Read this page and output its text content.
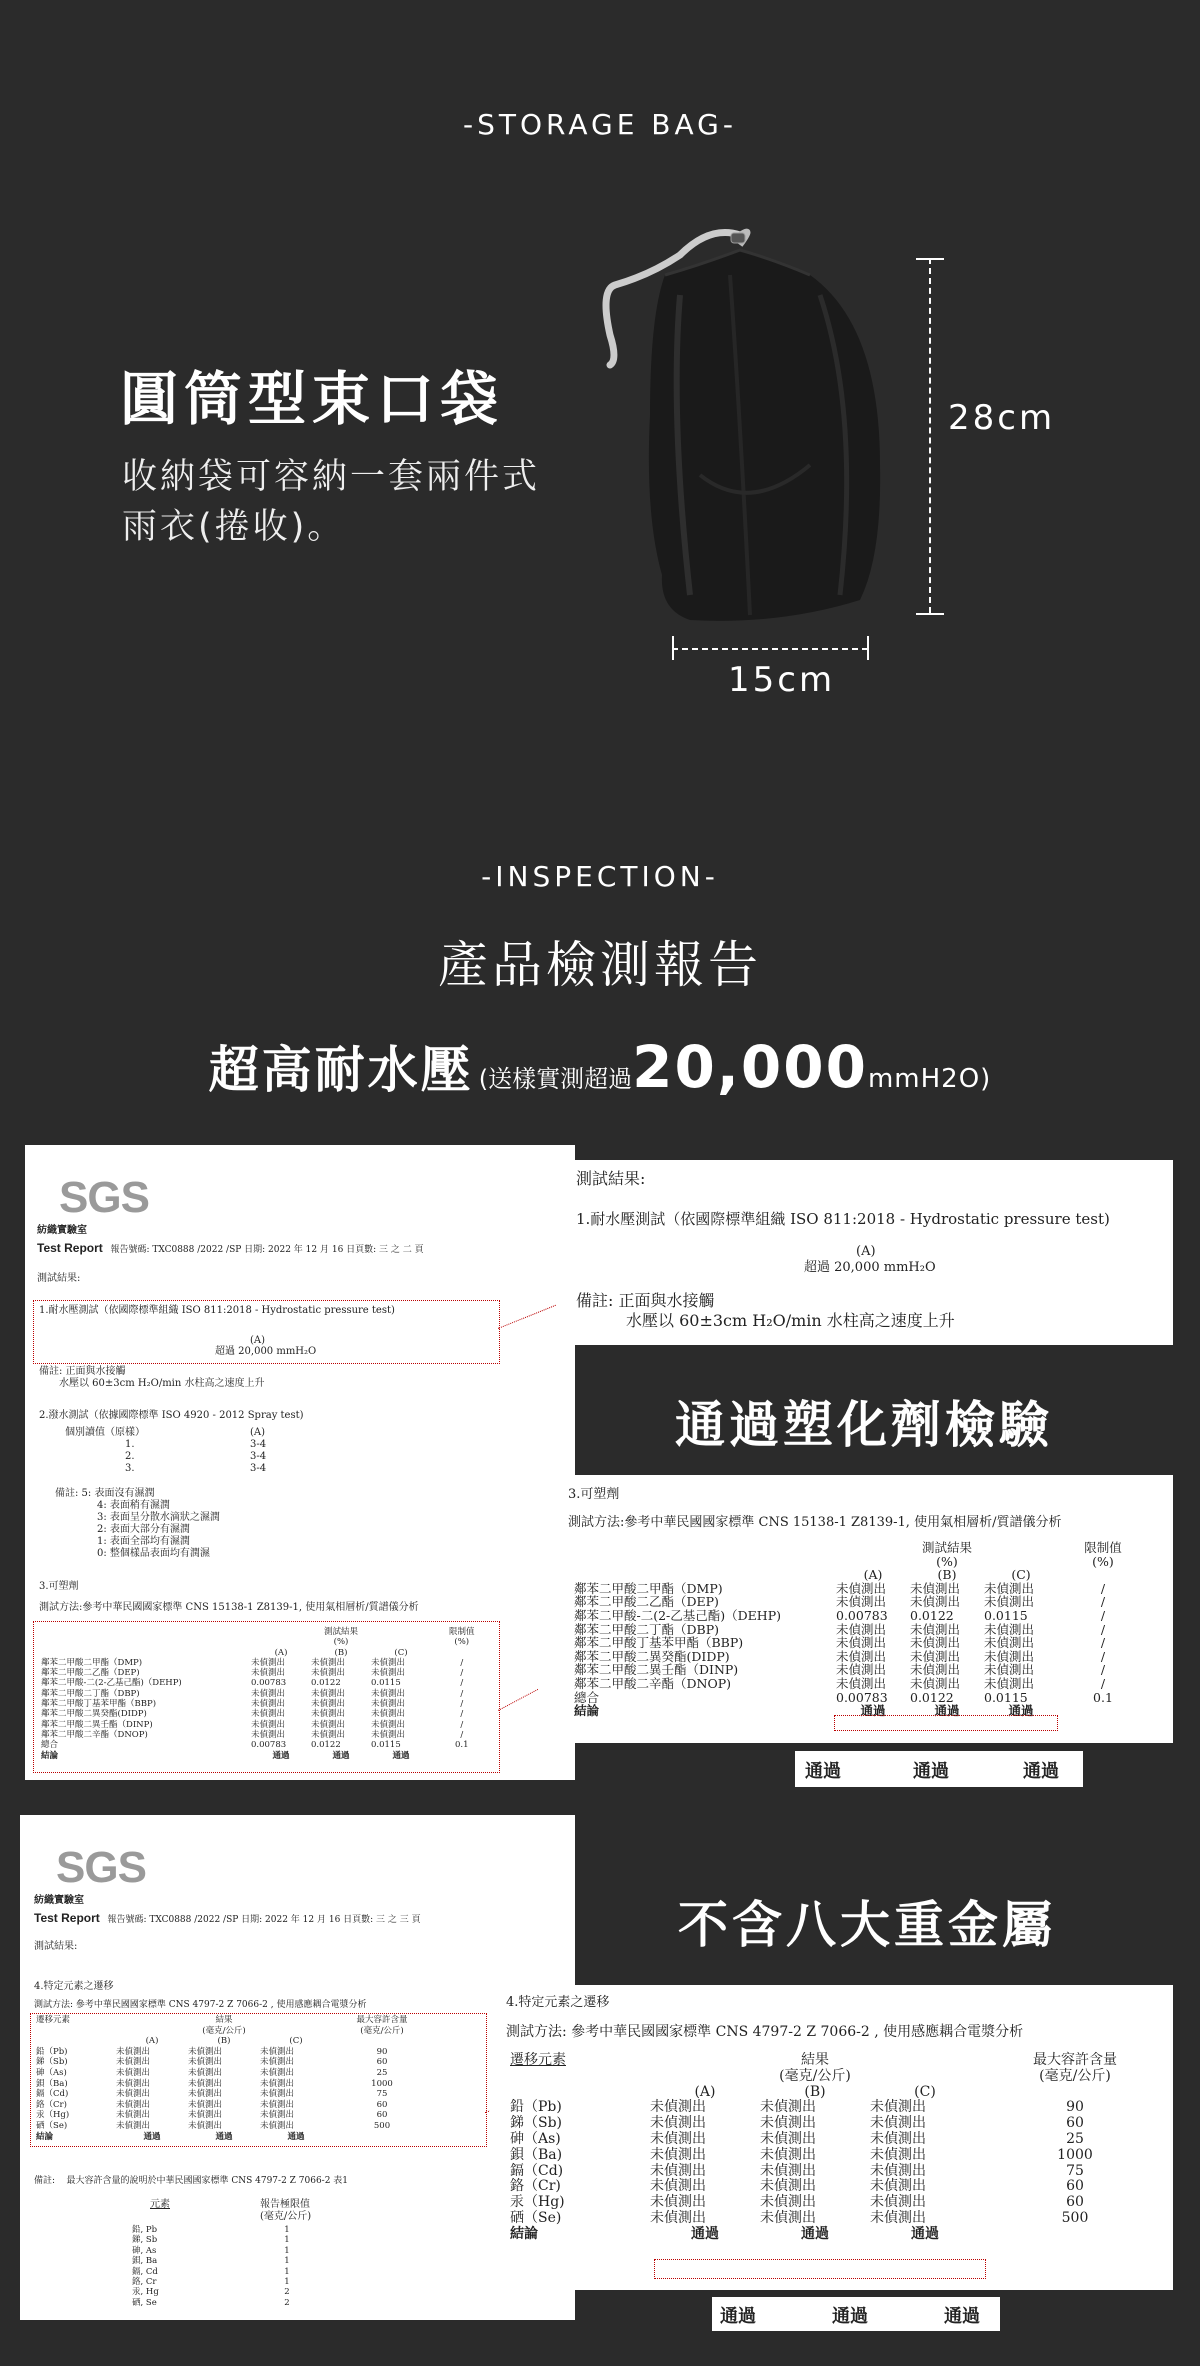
-STORAGE BAG-
圓筒型束口袋
收納袋可容納一套兩件式雨衣(捲收)。
28cm
15cm
-INSPECTION-
產品檢測報告
超高耐水壓 (送樣實測超過20,000mmH2O)
SGS
紡織實驗室
Test Report 報告號碼: TXC0888 /2022 /SP 日期: 2022 年 12 月 16 日頁數: 三 之 二 頁
測試結果:
1.耐水壓測試（依國際標準組織 ISO 811:2018 - Hydrostatic pressure test)
(A)
超過 20,000 mmH₂O
備註: 正面與水接觸
水壓以 60±3cm H₂O/min 水柱高之速度上升
2.潑水測試（依據國際標準 ISO 4920 - 2012 Spray test)
個別讀值（原樣）	(A)
1.	3-4
2.	3-4
3.	3-4
備註: 5: 表面沒有濕潤
4: 表面稍有濕潤
3: 表面呈分散水滴狀之濕潤
2: 表面大部分有濕潤
1: 表面全部均有濕潤
0: 整個樣品表面均有潤濕
3.可塑劑
測試方法:參考中華民國國家標準 CNS 15138-1 Z8139-1, 使用氣相層析/質譜儀分析
	測試結果			限制值
	(%)			(%)
	(A)	(B)	(C)	
鄰苯二甲酸二甲酯（DMP)	未偵測出	未偵測出	未偵測出	/
鄰苯二甲酸二乙酯（DEP)	未偵測出	未偵測出	未偵測出	/
鄰苯二甲酸-二(2-乙基己酯)（DEHP)	0.00783	0.0122	0.0115	/
鄰苯二甲酸二丁酯（DBP)	未偵測出	未偵測出	未偵測出	/
鄰苯二甲酸丁基苯甲酯（BBP)	未偵測出	未偵測出	未偵測出	/
鄰苯二甲酸二異癸酯(DIDP)	未偵測出	未偵測出	未偵測出	/
鄰苯二甲酸二異壬酯（DINP)	未偵測出	未偵測出	未偵測出	/
鄰苯二甲酸二辛酯（DNOP)	未偵測出	未偵測出	未偵測出	/
總合	0.00783	0.0122	0.0115	0.1
結論	通過	通過	通過	
測試結果:
1.耐水壓測試（依國際標準組織 ISO 811:2018 - Hydrostatic pressure test)
(A)
超過 20,000 mmH₂O
備註: 正面與水接觸
水壓以 60±3cm H₂O/min 水柱高之速度上升
通過塑化劑檢驗
3.可塑劑
測試方法:參考中華民國國家標準 CNS 15138-1 Z8139-1, 使用氣相層析/質譜儀分析
	測試結果			限制值
	(%)			(%)
	(A)	(B)	(C)	
鄰苯二甲酸二甲酯（DMP)	未偵測出	未偵測出	未偵測出	/
鄰苯二甲酸二乙酯（DEP)	未偵測出	未偵測出	未偵測出	/
鄰苯二甲酸-二(2-乙基己酯)（DEHP)	0.00783	0.0122	0.0115	/
鄰苯二甲酸二丁酯（DBP)	未偵測出	未偵測出	未偵測出	/
鄰苯二甲酸丁基苯甲酯（BBP)	未偵測出	未偵測出	未偵測出	/
鄰苯二甲酸二異癸酯(DIDP)	未偵測出	未偵測出	未偵測出	/
鄰苯二甲酸二異壬酯（DINP)	未偵測出	未偵測出	未偵測出	/
鄰苯二甲酸二辛酯（DNOP)	未偵測出	未偵測出	未偵測出	/
總合	0.00783	0.0122	0.0115	0.1
結論	通過	通過	通過	
通過	通過	通過
SGS
紡織實驗室
Test Report 報告號碼: TXC0888 /2022 /SP 日期: 2022 年 12 月 16 日頁數: 三 之 三 頁
測試結果:
4.特定元素之遷移
測試方法: 參考中華民國國家標準 CNS 4797-2 Z 7066-2 , 使用感應耦合電漿分析
遷移元素	結果			最大容許含量
	(毫克/公斤)			(毫克/公斤)
	(A)	(B)	(C)	
鉛（Pb)	未偵測出	未偵測出	未偵測出	90
銻（Sb)	未偵測出	未偵測出	未偵測出	60
砷（As)	未偵測出	未偵測出	未偵測出	25
鋇（Ba)	未偵測出	未偵測出	未偵測出	1000
鎘（Cd)	未偵測出	未偵測出	未偵測出	75
鉻（Cr)	未偵測出	未偵測出	未偵測出	60
汞（Hg)	未偵測出	未偵測出	未偵測出	60
硒（Se)	未偵測出	未偵測出	未偵測出	500
結論	通過	通過	通過	
備註:    最大容許含量的說明於中華民國國家標準 CNS 4797-2 Z 7066-2 表1
報告極限值
元素
(毫克/公斤)
鉛, Pb	1
銻, Sb	1
砷, As	1
鋇, Ba	1
鎘, Cd	1
鉻, Cr	1
汞, Hg	2
硒, Se	2
不含八大重金屬
4.特定元素之遷移
測試方法: 參考中華民國國家標準 CNS 4797-2 Z 7066-2 , 使用感應耦合電漿分析
遷移元素	結果			最大容許含量
	(毫克/公斤)			(毫克/公斤)
	(A)	(B)	(C)	
鉛（Pb)	未偵測出	未偵測出	未偵測出	90
銻（Sb)	未偵測出	未偵測出	未偵測出	60
砷（As)	未偵測出	未偵測出	未偵測出	25
鋇（Ba)	未偵測出	未偵測出	未偵測出	1000
鎘（Cd)	未偵測出	未偵測出	未偵測出	75
鉻（Cr)	未偵測出	未偵測出	未偵測出	60
汞（Hg)	未偵測出	未偵測出	未偵測出	60
硒（Se)	未偵測出	未偵測出	未偵測出	500
結論	通過	通過	通過	
通過	通過	通過
